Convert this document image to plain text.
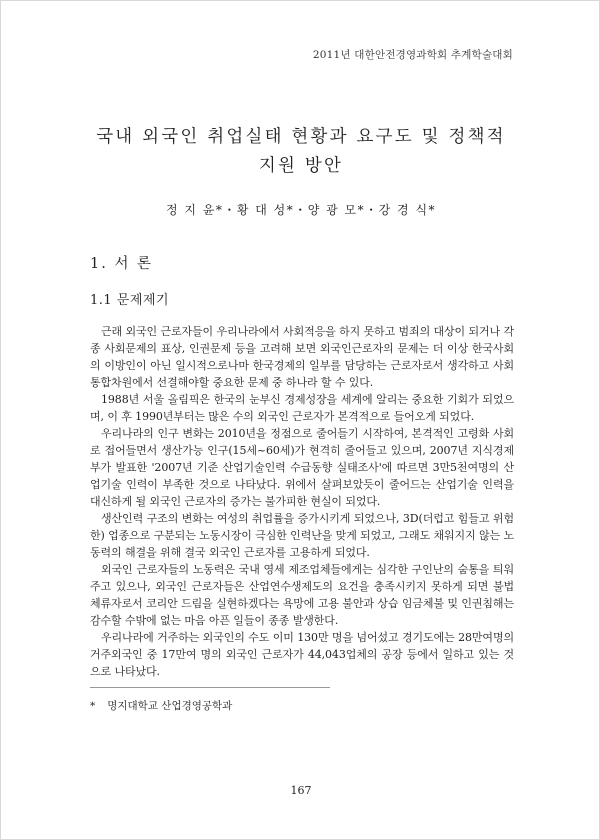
2011년 대한안전경영과학회 추계학술대회
국내 외국인 취업실태 현황과 요구도 및 정책적
지원 방안
정 지 윤*・황 대 성*・양 광 모*・강 경 식*
1. 서 론
1.1 문제제기

근래 외국인 근로자들이 우리나라에서 사회적응을 하지 못하고 범죄의 대상이 되거나 각종 사회문제의 표상, 인권문제 등을 고려해 보면 외국인근로자의 문제는 더 이상 한국사회의 이방인이 아닌 일시적으로나마 한국경제의 일부를 담당하는 근로자로서 생각하고 사회통합차원에서 선결해야할 중요한 문제 중 하나라 할 수 있다.

1988년 서울 올림픽은 한국의 눈부신 경제성장을 세계에 알리는 중요한 기회가 되었으며, 이 후 1990년부터는 많은 수의 외국인 근로자가 본격적으로 들어오게 되었다.

우리나라의 인구 변화는 2010년을 정점으로 줄어들기 시작하여, 본격적인 고령화 사회로 접어들면서 생산가능 인구(15세~60세)가 현격히 줄어들고 있으며, 2007년 지식경제부가 발표한 '2007년 기준 산업기술인력 수급동향 실태조사'에 따르면 3만5천여명의 산업기술 인력이 부족한 것으로 나타났다. 위에서 살펴보았듯이 줄어드는 산업기술 인력을 대신하게 될 외국인 근로자의 증가는 불가피한 현실이 되었다.

생산인력 구조의 변화는 여성의 취업률을 증가시키게 되었으나, 3D(더럽고 힘들고 위험한) 업종으로 구분되는 노동시장이 극심한 인력난을 맞게 되었고, 그래도 채워지지 않는 노동력의 해결을 위해 결국 외국인 근로자를 고용하게 되었다.

외국인 근로자들의 노동력은 국내 영세 제조업체들에게는 심각한 구인난의 숨통을 틔워주고 있으나, 외국인 근로자들은 산업연수생제도의 요건을 충족시키지 못하게 되면 불법 체류자로서 코리안 드림을 실현하겠다는 욕망에 고용 불안과 상습 임금체불 및 인권침해는 감수할 수밖에 없는 마음 아픈 일들이 종종 발생한다.

우리나라에 거주하는 외국인의 수도 이미 130만 명을 넘어섰고 경기도에는 28만여명의 거주외국인 중 17만여 명의 외국인 근로자가 44,043업체의 공장 등에서 일하고 있는 것으로 나타났다.

* 명지대학교 산업경영공학과
167
